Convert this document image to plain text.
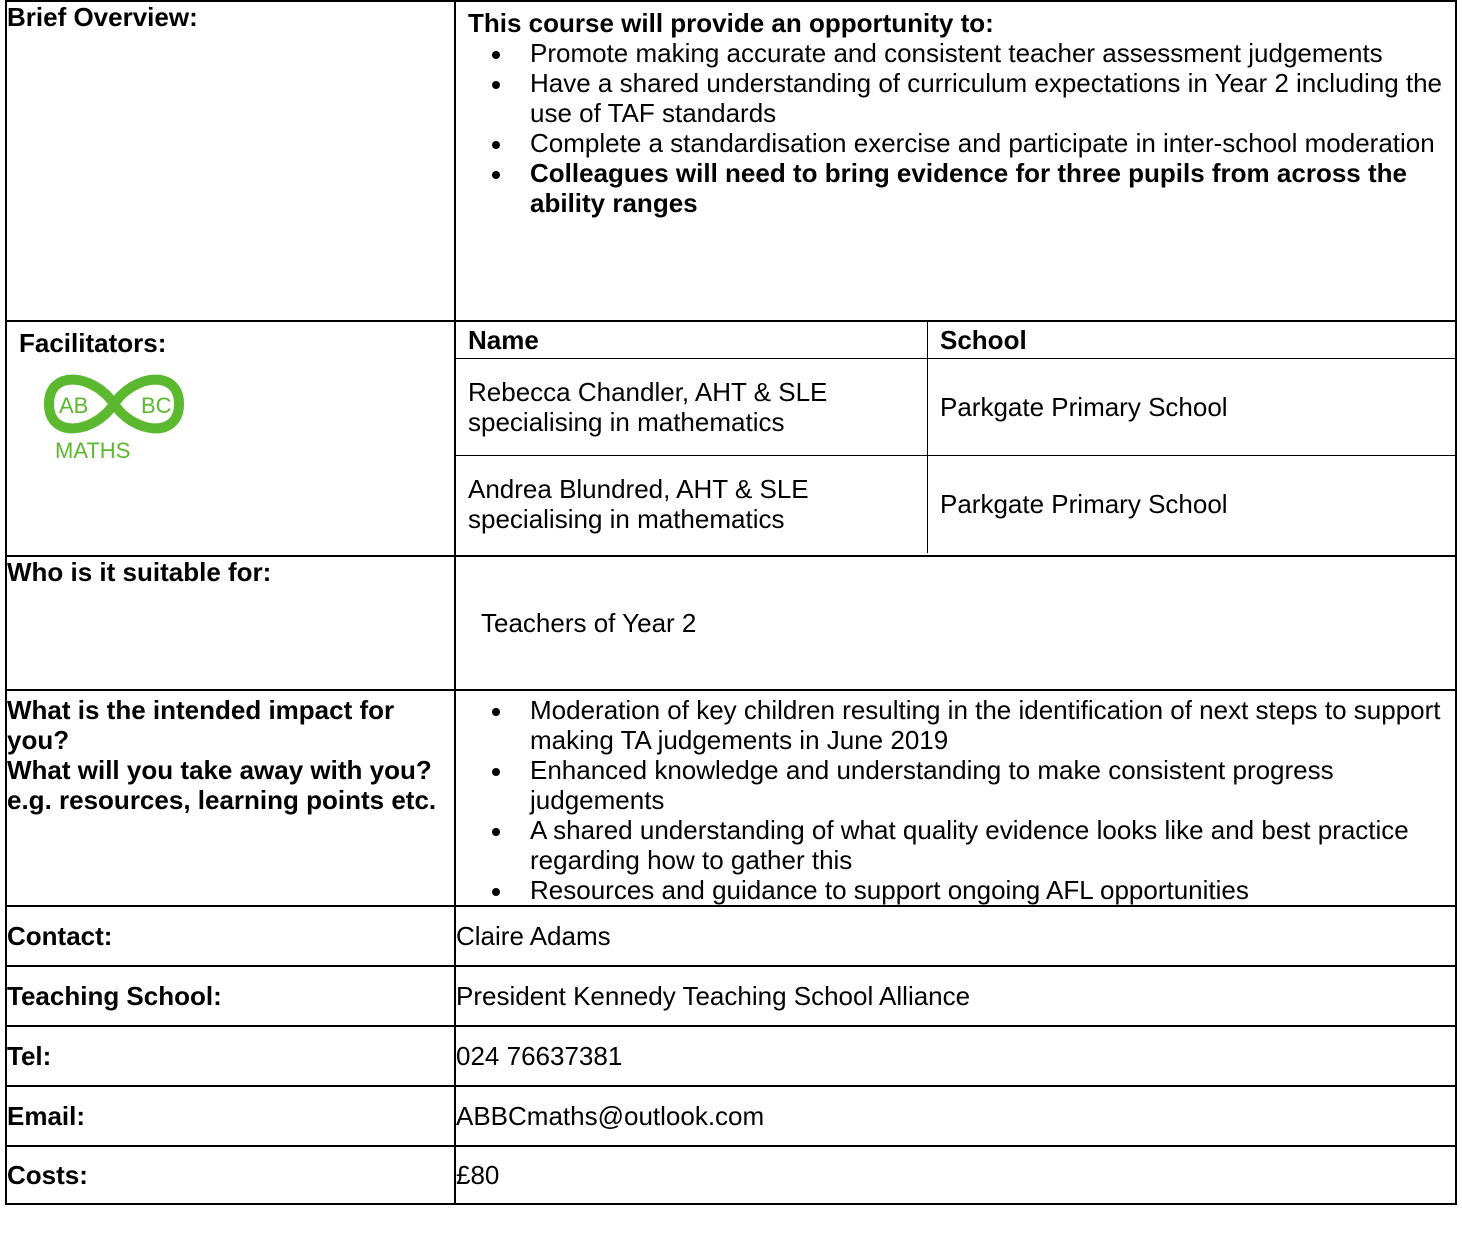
Brief Overview:	This course will provide an opportunity to:
Promote making accurate and consistent teacher assessment judgements
Have a shared understanding of curriculum expectations in Year 2 including the use of TAF standards
Complete a standardisation exercise and participate in inter-school moderation
Colleagues will need to bring evidence for three pupils from across the ability ranges

Facilitators:
AB BC
MATHS

Name	School
Rebecca Chandler, AHT & SLE specialising in mathematics	Parkgate Primary School
Andrea Blundred, AHT & SLE specialising in mathematics	Parkgate Primary School

Who is it suitable for:	Teachers of Year 2

What is the intended impact for you?
What will you take away with you? e.g. resources, learning points etc.

Moderation of key children resulting in the identification of next steps to support making TA judgements in June 2019
Enhanced knowledge and understanding to make consistent progress judgements
A shared understanding of what quality evidence looks like and best practice regarding how to gather this
Resources and guidance to support ongoing AFL opportunities

Contact:	Claire Adams
Teaching School:	President Kennedy Teaching School Alliance
Tel:	024 76637381
Email:	ABBCmaths@outlook.com
Costs:	£80
